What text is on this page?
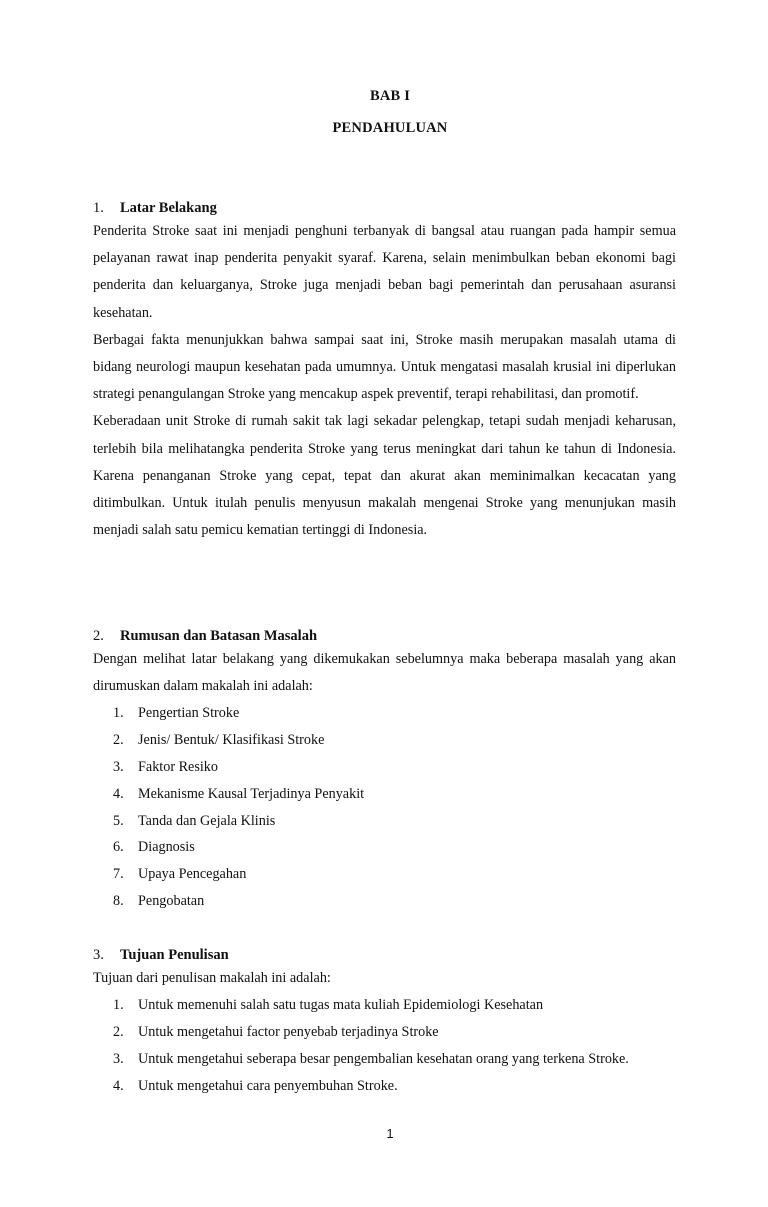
BAB I
PENDAHULUAN

1. Latar Belakang

Penderita Stroke saat ini menjadi penghuni terbanyak di bangsal atau ruangan pada hampir semua pelayanan rawat inap penderita penyakit syaraf. Karena, selain menimbulkan beban ekonomi bagi penderita dan keluarganya, Stroke juga menjadi beban bagi pemerintah dan perusahaan asuransi kesehatan.

Berbagai fakta menunjukkan bahwa sampai saat ini, Stroke masih merupakan masalah utama di bidang neurologi maupun kesehatan pada umumnya. Untuk mengatasi masalah krusial ini diperlukan strategi penangulangan Stroke yang mencakup aspek preventif, terapi rehabilitasi, dan promotif.

Keberadaan unit Stroke di rumah sakit tak lagi sekadar pelengkap, tetapi sudah menjadi keharusan, terlebih bila melihatangka penderita Stroke yang terus meningkat dari tahun ke tahun di Indonesia. Karena penanganan Stroke yang cepat, tepat dan akurat akan meminimalkan kecacatan yang ditimbulkan. Untuk itulah penulis menyusun makalah mengenai Stroke yang menunjukan masih menjadi salah satu pemicu kematian tertinggi di Indonesia.

2. Rumusan dan Batasan Masalah

Dengan melihat latar belakang yang dikemukakan sebelumnya maka beberapa masalah yang akan dirumuskan dalam makalah ini adalah:

1. Pengertian Stroke
2. Jenis/ Bentuk/ Klasifikasi Stroke
3. Faktor Resiko
4. Mekanisme Kausal Terjadinya Penyakit
5. Tanda dan Gejala Klinis
6. Diagnosis
7. Upaya Pencegahan
8. Pengobatan

3. Tujuan Penulisan

Tujuan dari penulisan makalah ini adalah:

1. Untuk memenuhi salah satu tugas mata kuliah Epidemiologi Kesehatan
2. Untuk mengetahui factor penyebab terjadinya Stroke
3. Untuk mengetahui seberapa besar pengembalian kesehatan orang yang terkena Stroke.
4. Untuk mengetahui cara penyembuhan Stroke.
1
